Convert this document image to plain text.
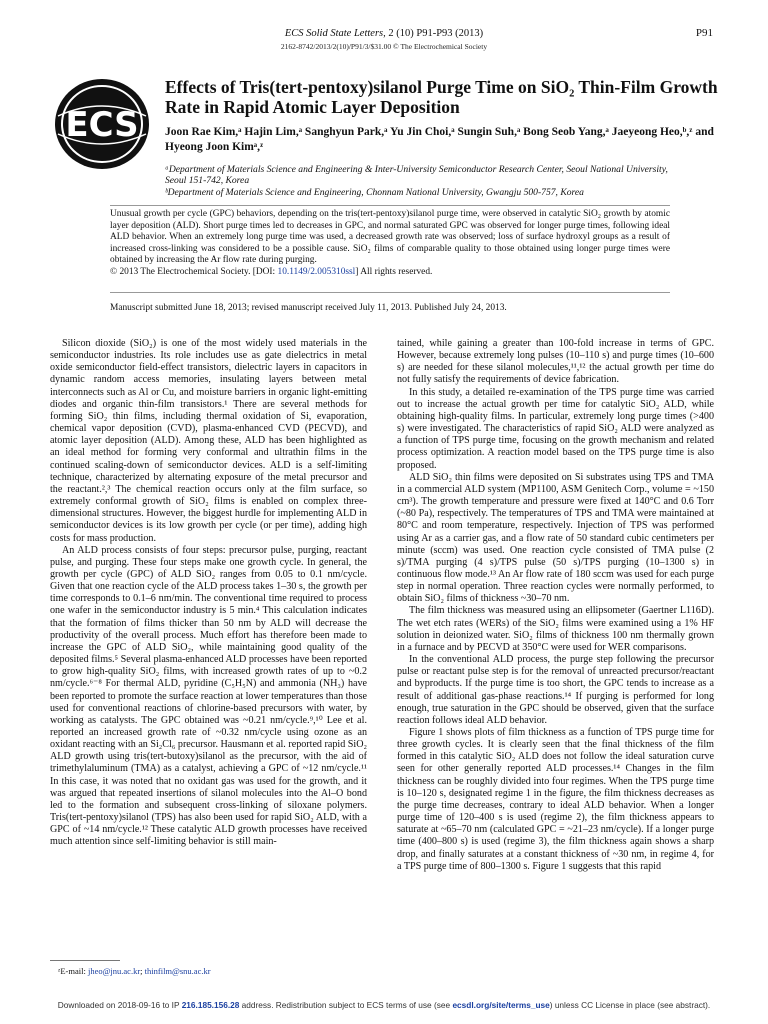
ECS Solid State Letters, 2 (10) P91-P93 (2013)	P91
2162-8742/2013/2(10)/P91/3/$31.00 © The Electrochemical Society
ECS
Effects of Tris(tert-pentoxy)silanol Purge Time on SiO₂ Thin-Film Growth Rate in Rapid Atomic Layer Deposition
Joon Rae Kim,ᵃ Hajin Lim,ᵃ Sanghyun Park,ᵃ Yu Jin Choi,ᵃ Sungin Suh,ᵃ Bong Seob Yang,ᵃ Jaeyeong Heo,ᵇ,ᶻ and Hyeong Joon Kimᵃ,ᶻ
ᵃDepartment of Materials Science and Engineering & Inter-University Semiconductor Research Center, Seoul National University, Seoul 151-742, Korea
ᵇDepartment of Materials Science and Engineering, Chonnam National University, Gwangju 500-757, Korea
Unusual growth per cycle (GPC) behaviors, depending on the tris(tert-pentoxy)silanol purge time, were observed in catalytic SiO₂ growth by atomic layer deposition (ALD). Short purge times led to decreases in GPC, and normal saturated GPC was observed for longer purge times, following ideal ALD behavior. When an extremely long purge time was used, a decreased growth rate was observed; loss of surface hydroxyl groups as a result of increased cross-linking was considered to be a possible cause. SiO₂ films of comparable quality to those obtained using longer purge times were obtained by increasing the Ar flow rate during purging.
© 2013 The Electrochemical Society. [DOI: 10.1149/2.005310ssl] All rights reserved.
Manuscript submitted June 18, 2013; revised manuscript received July 11, 2013. Published July 24, 2013.

Silicon dioxide (SiO₂) is one of the most widely used materials in the semiconductor industries. Its role includes use as gate dielectrics in metal oxide semiconductor field-effect transistors, dielectric layers in capacitors in dynamic random access memories, insulating layers between metal interconnects such as Al or Cu, and moisture barriers in organic light-emitting diodes and organic thin-film transistors.¹ There are several methods for forming SiO₂ thin films, including thermal oxidation of Si, evaporation, chemical vapor deposition (CVD), plasma-enhanced CVD (PECVD), and atomic layer deposition (ALD). Among these, ALD has been highlighted as an ideal method for forming very conformal and ultrathin films in the continued scaling-down of semiconductor devices. ALD is a self-limiting technique, characterized by alternating exposure of the metal precursor and the reactant.²,³ The chemical reaction occurs only at the film surface, so extremely conformal growth of SiO₂ films is enabled on complex three-dimensional structures. However, the biggest hurdle for implementing ALD in semiconductor devices is its low growth per cycle (or per time), adding high costs for mass production.

An ALD process consists of four steps: precursor pulse, purging, reactant pulse, and purging. These four steps make one growth cycle. In general, the growth per cycle (GPC) of ALD SiO₂ ranges from 0.05 to 0.1 nm/cycle. Given that one reaction cycle of the ALD process takes 1–30 s, the growth per time corresponds to 0.1–6 nm/min. The conventional time required to process one wafer in the semiconductor industry is 5 min.⁴ This calculation indicates that the formation of films thicker than 50 nm by ALD will decrease the productivity of the overall process. Much effort has therefore been made to increase the GPC of ALD SiO₂, while maintaining good quality of the deposited films.⁵ Several plasma-enhanced ALD processes have been reported to grow high-quality SiO₂ films, with increased growth rates of up to ~0.2 nm/cycle.⁶⁻⁸ For thermal ALD, pyridine (C₅H₅N) and ammonia (NH₃) have been reported to promote the surface reaction at lower temperatures than those used for conventional reactions of chlorine-based precursors with water, by working as catalysts. The GPC obtained was ~0.21 nm/cycle.⁹,¹⁰ Lee et al. reported an increased growth rate of ~0.32 nm/cycle using ozone as an oxidant reacting with an Si₂Cl₆ precursor. Hausmann et al. reported rapid SiO₂ ALD growth using tris(tert-butoxy)silanol as the precursor, with the aid of trimethylaluminum (TMA) as a catalyst, achieving a GPC of ~12 nm/cycle.¹¹ In this case, it was noted that no oxidant gas was used for the growth, and it was argued that repeated insertions of silanol molecules into the Al–O bond led to the formation and subsequent cross-linking of siloxane polymers. Tris(tert-pentoxy)silanol (TPS) has also been used for rapid SiO₂ ALD, with a GPC of ~14 nm/cycle.¹² These catalytic ALD growth processes have received much attention since self-limiting behavior is still main-

tained, while gaining a greater than 100-fold increase in terms of GPC. However, because extremely long pulses (10–110 s) and purge times (10–600 s) are needed for these silanol molecules,¹¹,¹² the actual growth per time do not fully satisfy the requirements of device fabrication.

In this study, a detailed re-examination of the TPS purge time was carried out to increase the actual growth per time for catalytic SiO₂ ALD, while obtaining high-quality films. In particular, extremely long purge times (>400 s) were investigated. The characteristics of rapid SiO₂ ALD were analyzed as a function of TPS purge time, focusing on the growth mechanism and related process optimization. A reaction model based on the TPS purge time is also proposed.

ALD SiO₂ thin films were deposited on Si substrates using TPS and TMA in a commercial ALD system (MP1100, ASM Genitech Corp., volume = ~150 cm³). The growth temperature and pressure were fixed at 140°C and 0.6 Torr (~80 Pa), respectively. The temperatures of TPS and TMA were maintained at 80°C and room temperature, respectively. Injection of TPS was performed using Ar as a carrier gas, and a flow rate of 50 standard cubic centimeters per minute (sccm) was used. One reaction cycle consisted of TMA pulse (2 s)/TMA purging (4 s)/TPS pulse (50 s)/TPS purging (10–1300 s) in continuous flow mode.¹³ An Ar flow rate of 180 sccm was used for each purge step in normal operation. Three reaction cycles were normally performed, to obtain SiO₂ films of thickness ~30–70 nm.

The film thickness was measured using an ellipsometer (Gaertner L116D). The wet etch rates (WERs) of the SiO₂ films were examined using a 1% HF solution in deionized water. SiO₂ films of thickness 100 nm thermally grown in a furnace and by PECVD at 350°C were used for WER comparisons.

In the conventional ALD process, the purge step following the precursor pulse or reactant pulse step is for the removal of unreacted precursor/reactant and byproducts. If the purge time is too short, the GPC tends to increase as a result of additional gas-phase reactions.¹⁴ If purging is performed for long enough, true saturation in the GPC should be observed, given that the surface reaction follows ideal ALD behavior.

Figure 1 shows plots of film thickness as a function of TPS purge time for three growth cycles. It is clearly seen that the final thickness of the film formed in this catalytic SiO₂ ALD does not follow the ideal saturation curve seen for other generally reported ALD processes.¹⁴ Changes in the film thickness can be roughly divided into four regimes. When the TPS purge time is 10–120 s, designated regime 1 in the figure, the film thickness decreases as the purge time decreases, contrary to ideal ALD behavior. When a longer purge time of 120–400 s is used (regime 2), the film thickness appears to saturate at ~65–70 nm (calculated GPC = ~21–23 nm/cycle). If a longer purge time (400–800 s) is used (regime 3), the film thickness again shows a sharp drop, and finally saturates at a constant thickness of ~30 nm, in regime 4, for a TPS purge time of 800–1300 s. Figure 1 suggests that this rapid

ᶻE-mail: jheo@jnu.ac.kr; thinfilm@snu.ac.kr
Downloaded on 2018-09-16 to IP 216.185.156.28 address. Redistribution subject to ECS terms of use (see ecsdl.org/site/terms_use) unless CC License in place (see abstract).
